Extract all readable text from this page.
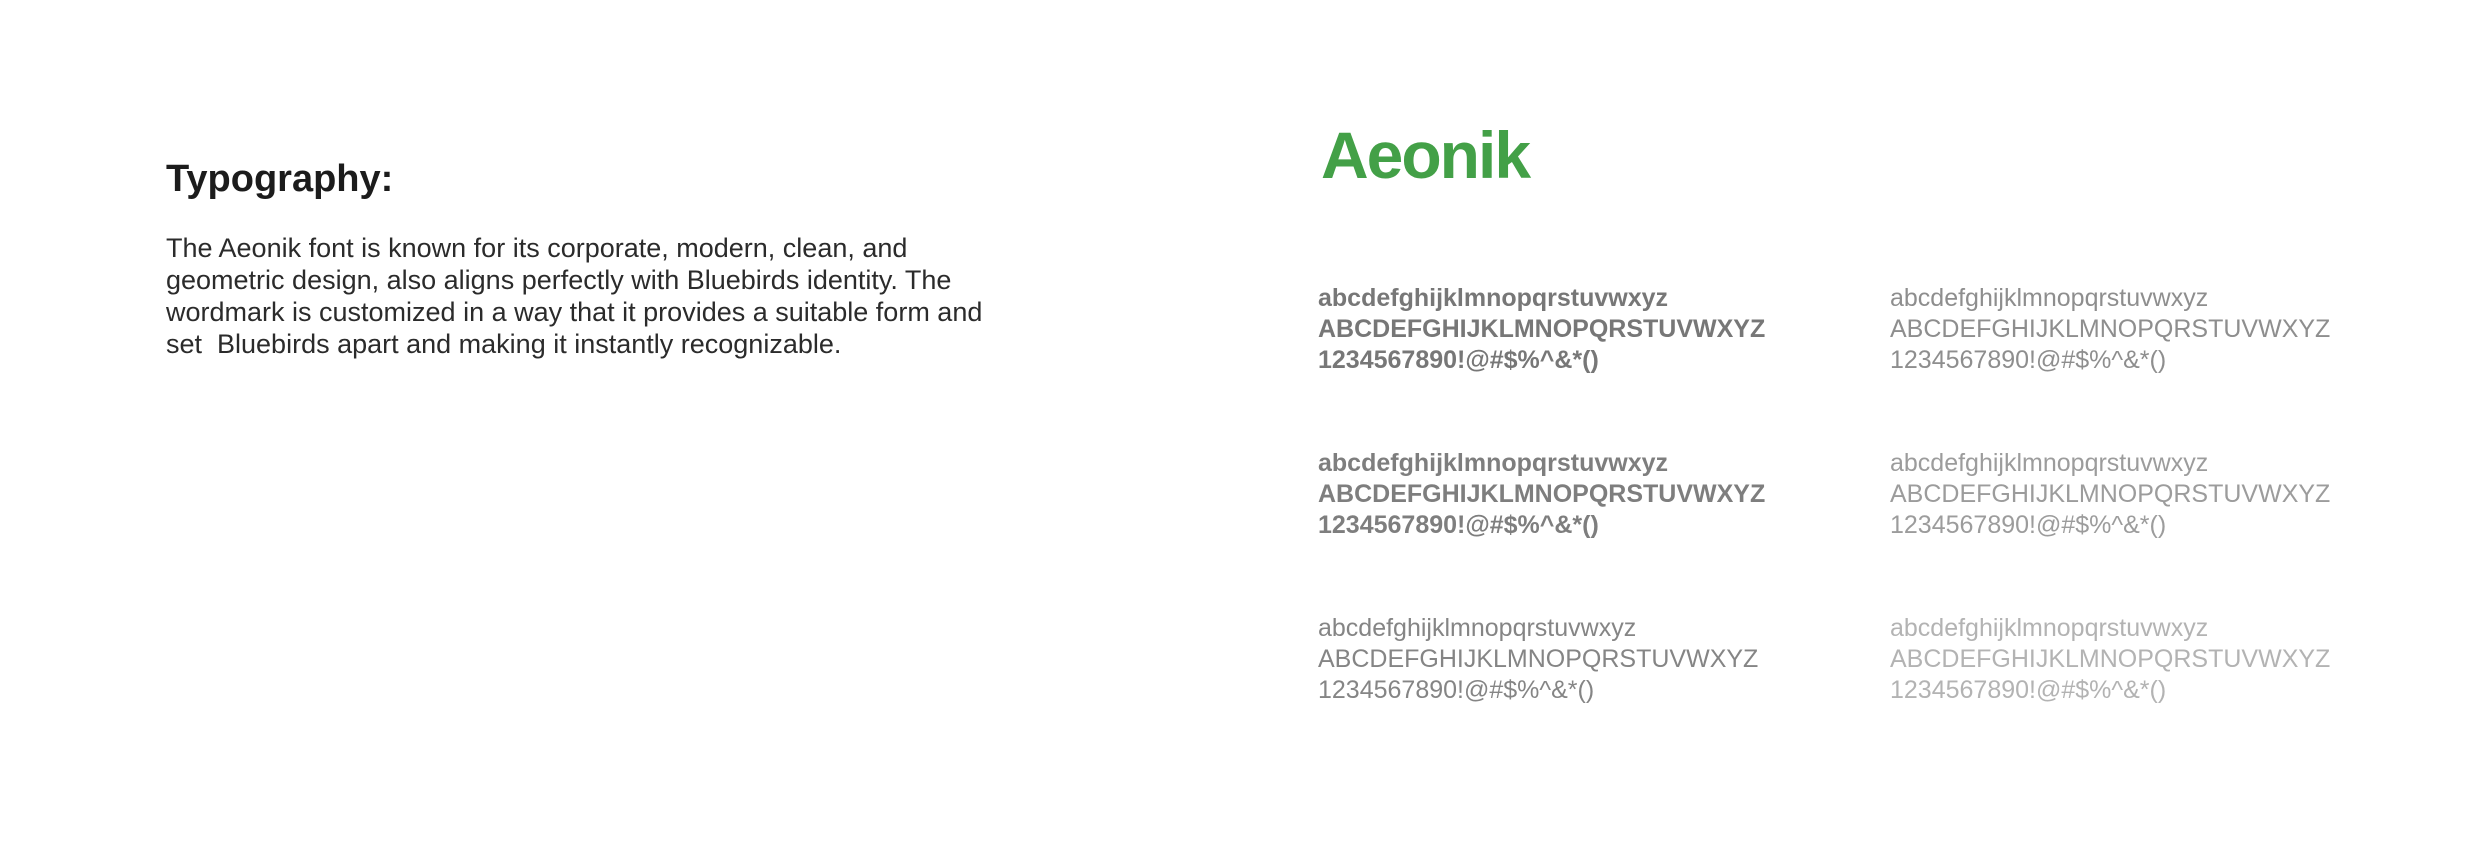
Typography:
The Aeonik font is known for its corporate, modern, clean, and
geometric design, also aligns perfectly with Bluebirds identity. The
wordmark is customized in a way that it provides a suitable form and
set  Bluebirds apart and making it instantly recognizable.
Aeonik
abcdefghijklmnopqrstuvwxyz
ABCDEFGHIJKLMNOPQRSTUVWXYZ
1234567890!@#$%^&*()
abcdefghijklmnopqrstuvwxyz
ABCDEFGHIJKLMNOPQRSTUVWXYZ
1234567890!@#$%^&*()
abcdefghijklmnopqrstuvwxyz
ABCDEFGHIJKLMNOPQRSTUVWXYZ
1234567890!@#$%^&*()
abcdefghijklmnopqrstuvwxyz
ABCDEFGHIJKLMNOPQRSTUVWXYZ
1234567890!@#$%^&*()
abcdefghijklmnopqrstuvwxyz
ABCDEFGHIJKLMNOPQRSTUVWXYZ
1234567890!@#$%^&*()
abcdefghijklmnopqrstuvwxyz
ABCDEFGHIJKLMNOPQRSTUVWXYZ
1234567890!@#$%^&*()
